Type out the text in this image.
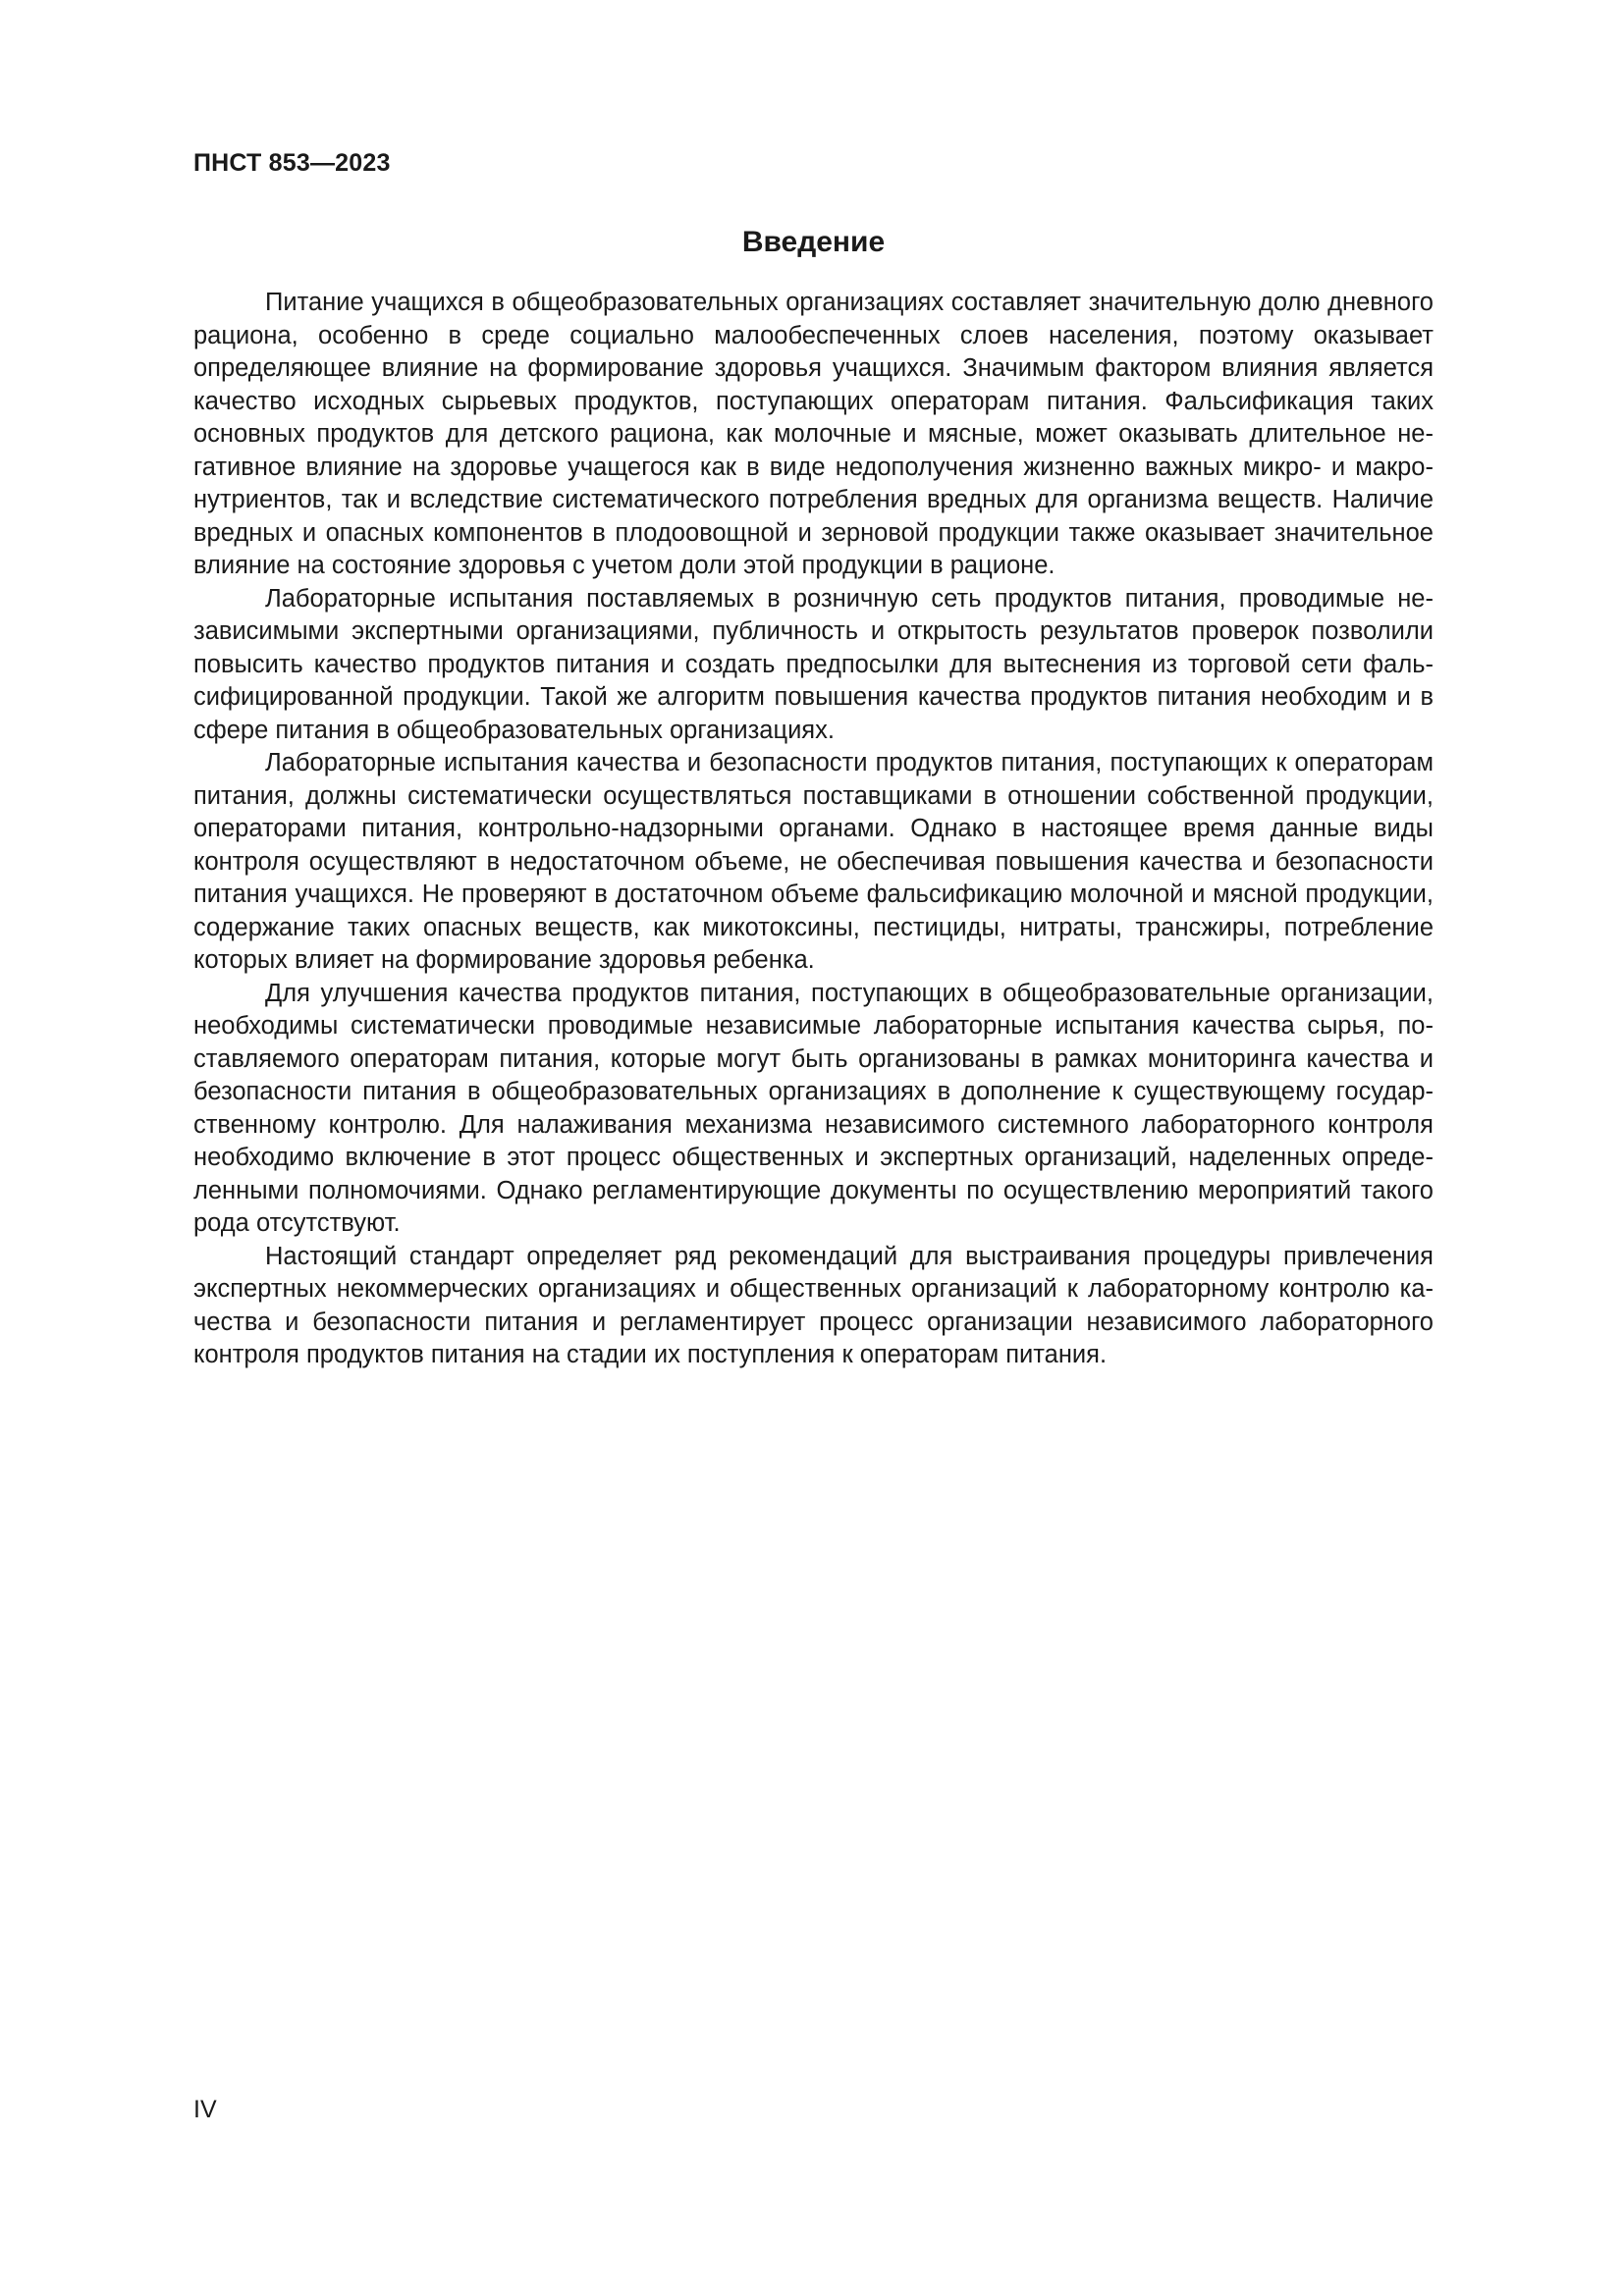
ПНСТ 853—2023

Введение

Питание учащихся в общеобразовательных организациях составляет значительную долю дневного рациона, особенно в среде социально малообеспеченных слоев населения, поэтому оказывает определяющее влияние на формирование здоровья учащихся. Значимым фактором влияния является качество исходных сырьевых продуктов, поступающих операторам питания. Фальсификация таких основных продуктов для детского рациона, как молочные и мясные, может оказывать длительное негативное влияние на здоровье учащегося как в виде недополучения жизненно важных микро- и макронутриентов, так и вследствие систематического потребления вредных для организма веществ. Наличие вредных и опасных компонентов в плодоовощной и зерновой продукции также оказывает значительное влияние на состояние здоровья с учетом доли этой продукции в рационе.

Лабораторные испытания поставляемых в розничную сеть продуктов питания, проводимые независимыми экспертными организациями, публичность и открытость результатов проверок позволили повысить качество продуктов питания и создать предпосылки для вытеснения из торговой сети фальсифицированной продукции. Такой же алгоритм повышения качества продуктов питания необходим и в сфере питания в общеобразовательных организациях.

Лабораторные испытания качества и безопасности продуктов питания, поступающих к операторам питания, должны систематически осуществляться поставщиками в отношении собственной продукции, операторами питания, контрольно-надзорными органами. Однако в настоящее время данные виды контроля осуществляют в недостаточном объеме, не обеспечивая повышения качества и безопасности питания учащихся. Не проверяют в достаточном объеме фальсификацию молочной и мясной продукции, содержание таких опасных веществ, как микотоксины, пестициды, нитраты, трансжиры, потребление которых влияет на формирование здоровья ребенка.

Для улучшения качества продуктов питания, поступающих в общеобразовательные организации, необходимы систематически проводимые независимые лабораторные испытания качества сырья, поставляемого операторам питания, которые могут быть организованы в рамках мониторинга качества и безопасности питания в общеобразовательных организациях в дополнение к существующему государственному контролю. Для налаживания механизма независимого системного лабораторного контроля необходимо включение в этот процесс общественных и экспертных организаций, наделенных определенными полномочиями. Однако регламентирующие документы по осуществлению мероприятий такого рода отсутствуют.

Настоящий стандарт определяет ряд рекомендаций для выстраивания процедуры привлечения экспертных некоммерческих организациях и общественных организаций к лабораторному контролю качества и безопасности питания и регламентирует процесс организации независимого лабораторного контроля продуктов питания на стадии их поступления к операторам питания.

IV
